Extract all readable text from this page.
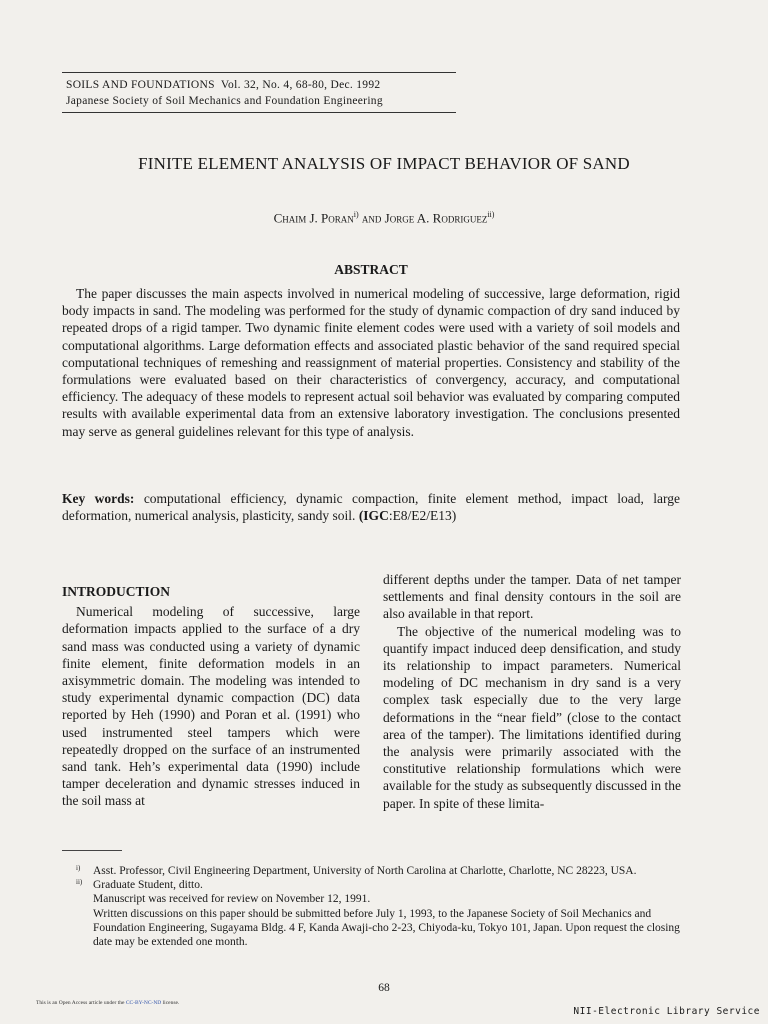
SOILS AND FOUNDATIONS  Vol. 32, No. 4, 68-80, Dec. 1992
Japanese Society of Soil Mechanics and Foundation Engineering
FINITE ELEMENT ANALYSIS OF IMPACT BEHAVIOR OF SAND
Chaim J. Poran$^{i)}$ and Jorge A. Rodriguez$^{ii)}$
ABSTRACT

The paper discusses the main aspects involved in numerical modeling of successive, large deformation, rigid body impacts in sand. The modeling was performed for the study of dynamic compaction of dry sand induced by repeated drops of a rigid tamper. Two dynamic finite element codes were used with a variety of soil models and computational algorithms. Large deformation effects and associated plastic behavior of the sand required special computational techniques of remeshing and reassignment of material properties. Consistency and stability of the formulations were evaluated based on their characteristics of convergency, accuracy, and computational efficiency. The adequacy of these models to represent actual soil behavior was evaluated by comparing computed results with available experimental data from an extensive laboratory investigation. The conclusions presented may serve as general guidelines relevant for this type of analysis.

Key words: computational efficiency, dynamic compaction, finite element method, impact load, large deformation, numerical analysis, plasticity, sandy soil. (IGC:E8/E2/E13)

INTRODUCTION

Numerical modeling of successive, large deformation impacts applied to the surface of a dry sand mass was conducted using a variety of dynamic finite element, finite deformation models in an axisymmetric domain. The modeling was intended to study experimental dynamic compaction (DC) data reported by Heh (1990) and Poran et al. (1991) who used instrumented steel tampers which were repeatedly dropped on the surface of an instrumented sand tank. Heh’s experimental data (1990) include tamper deceleration and dynamic stresses induced in the soil mass at

different depths under the tamper. Data of net tamper settlements and final density contours in the soil are also available in that report.

The objective of the numerical modeling was to quantify impact induced deep densification, and study its relationship to impact parameters. Numerical modeling of DC mechanism in dry sand is a very complex task especially due to the very large deformations in the “near field” (close to the contact area of the tamper). The limitations identified during the analysis were primarily associated with the constitutive relationship formulations which were available for the study as subsequently discussed in the paper. In spite of these limita-

i) Asst. Professor, Civil Engineering Department, University of North Carolina at Charlotte, Charlotte, NC 28223, USA.
ii) Graduate Student, ditto.
Manuscript was received for review on November 12, 1991.
Written discussions on this paper should be submitted before July 1, 1993, to the Japanese Society of Soil Mechanics and Foundation Engineering, Sugayama Bldg. 4 F, Kanda Awaji-cho 2-23, Chiyoda-ku, Tokyo 101, Japan. Upon request the closing date may be extended one month.
68
This is an Open Access article under the CC-BY-NC-ND license.
NII-Electronic Library Service
